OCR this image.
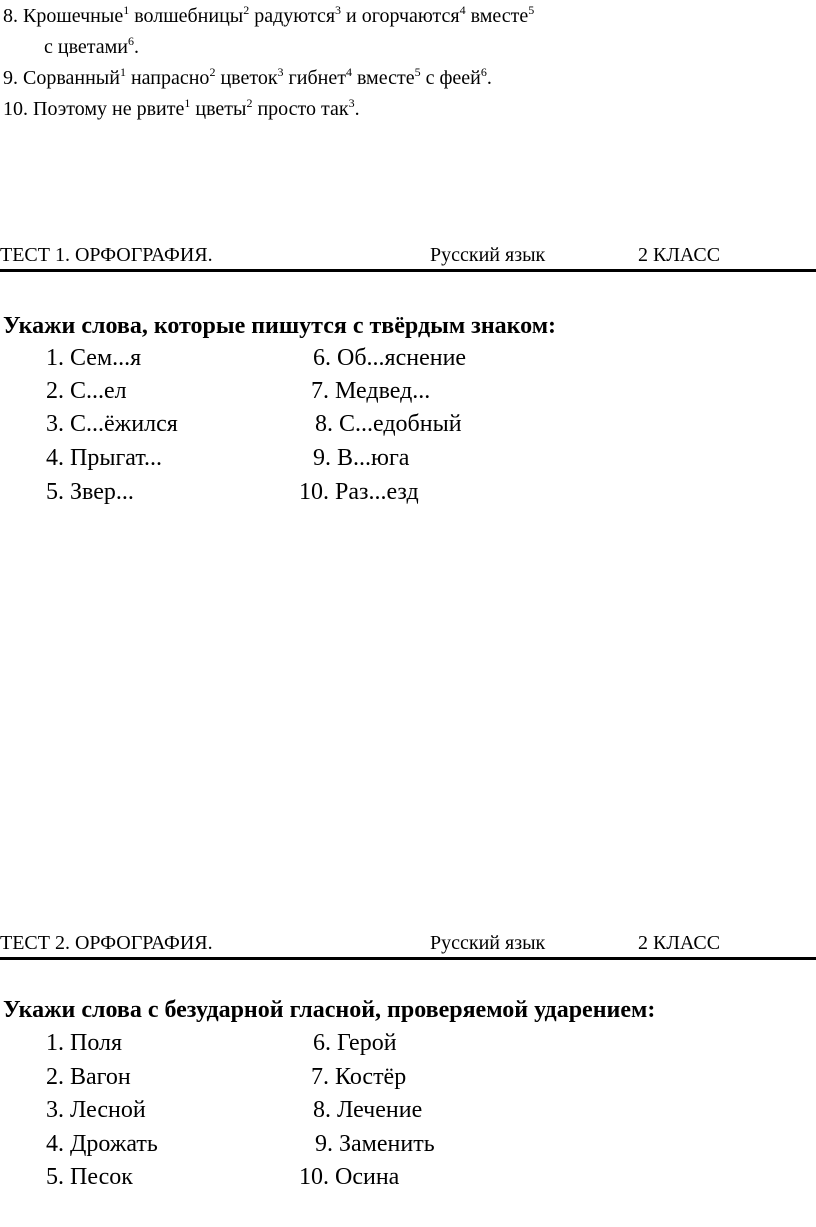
8. Крошечные$^1$ волшебницы$^2$ радуются$^3$ и огорчаются$^4$ вместе$^5$
с цветами$^6$.
9. Сорванный$^1$ напрасно$^2$ цветок$^3$ гибнет$^4$ вместе$^5$ с феей$^6$.
10. Поэтому не рвите$^1$ цветы$^2$ просто так$^3$.
ТЕСТ 1. ОРФОГРАФИЯ.	Русский язык	2 КЛАСС
Укажи слова, которые пишутся с твёрдым знаком:
1. Сем...я
2. С...ел
3. С...ёжился
4. Прыгат...
5. Звер...
6. Об...яснение
7. Медвед...
8. С...едобный
9. В...юга
10. Раз...езд
ТЕСТ 2. ОРФОГРАФИЯ.	Русский язык	2 КЛАСС
Укажи слова с безударной гласной, проверяемой ударением:
1. Поля
2. Вагон
3. Лесной
4. Дрожать
5. Песок
6. Герой
7. Костёр
8. Лечение
9. Заменить
10. Осина
